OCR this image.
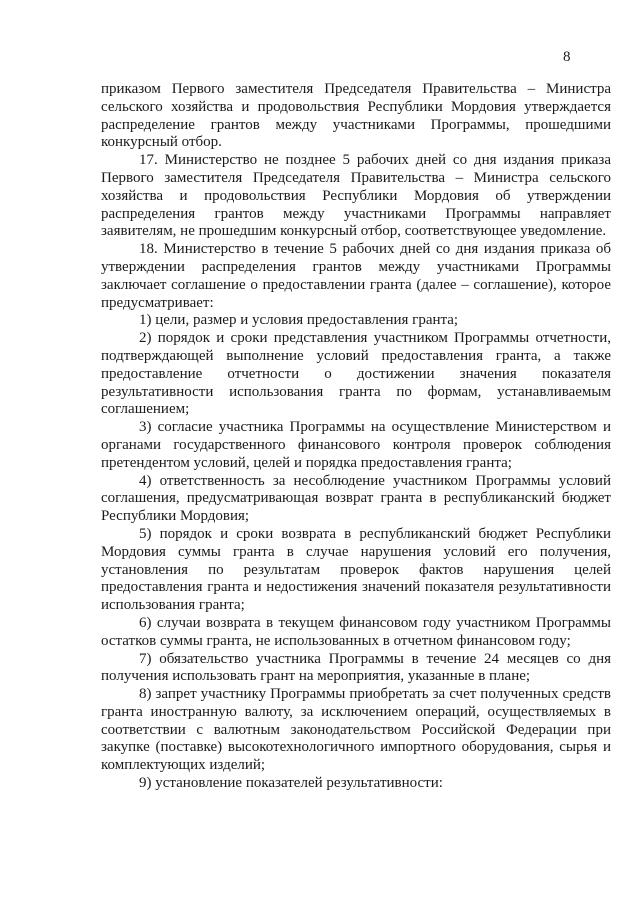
8

приказом Первого заместителя Председателя Правительства – Министра сельского хозяйства и продовольствия Республики Мордовия утверждается распределение грантов между участниками Программы, прошедшими конкурсный отбор.

17. Министерство не позднее 5 рабочих дней со дня издания приказа Первого заместителя Председателя Правительства – Министра сельского хозяйства и продовольствия Республики Мордовия об утверждении распределения грантов между участниками Программы направляет заявителям, не прошедшим конкурсный отбор, соответствующее уведомление.

18. Министерство в течение 5 рабочих дней со дня издания приказа об утверждении распределения грантов между участниками Программы заключает соглашение о предоставлении гранта (далее – соглашение), которое предусматривает:

1) цели, размер и условия предоставления гранта;

2) порядок и сроки представления участником Программы отчетности, подтверждающей выполнение условий предоставления гранта, а также предоставление отчетности о достижении значения показателя результативности использования гранта по формам, устанавливаемым соглашением;

3) согласие участника Программы на осуществление Министерством и органами государственного финансового контроля проверок соблюдения претендентом условий, целей и порядка предоставления гранта;

4) ответственность за несоблюдение участником Программы условий соглашения, предусматривающая возврат гранта в республиканский бюджет Республики Мордовия;

5) порядок и сроки возврата в республиканский бюджет Республики Мордовия суммы гранта в случае нарушения условий его получения, установления по результатам проверок фактов нарушения целей предоставления гранта и недостижения значений показателя результативности использования гранта;

6) случаи возврата в текущем финансовом году участником Программы остатков суммы гранта, не использованных в отчетном финансовом году;

7) обязательство участника Программы в течение 24 месяцев со дня получения использовать грант на мероприятия, указанные в плане;

8) запрет участнику Программы приобретать за счет полученных средств гранта иностранную валюту, за исключением операций, осуществляемых в соответствии с валютным законодательством Российской Федерации при закупке (поставке) высокотехнологичного импортного оборудования, сырья и комплектующих изделий;

9) установление показателей результативности:
